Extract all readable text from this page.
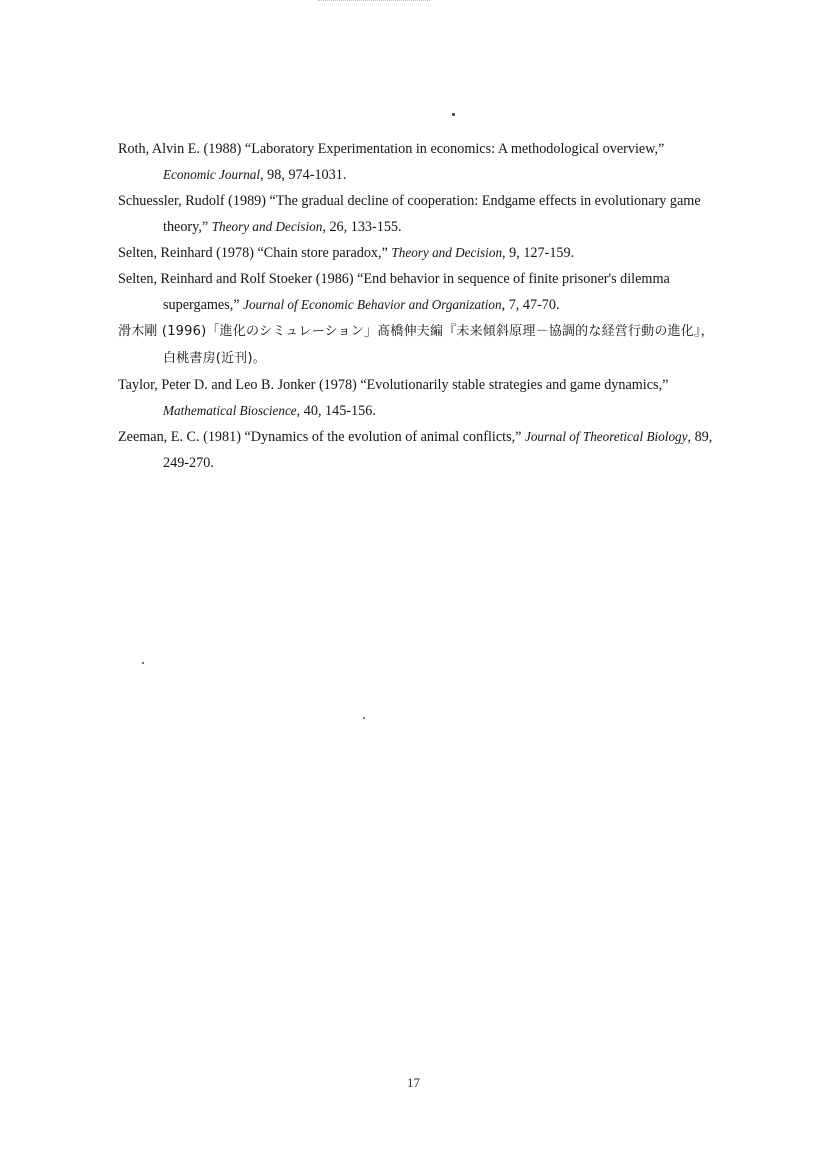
Roth, Alvin E. (1988) “Laboratory Experimentation in economics: A methodological overview,” Economic Journal, 98, 974-1031.

Schuessler, Rudolf (1989) “The gradual decline of cooperation: Endgame effects in evolutionary game theory,” Theory and Decision, 26, 133-155.

Selten, Reinhard (1978) “Chain store paradox,” Theory and Decision, 9, 127-159.

Selten, Reinhard and Rolf Stoeker (1986) “End behavior in sequence of finite prisoner's dilemma supergames,” Journal of Economic Behavior and Organization, 7, 47-70.

滑木剛 (1996)「進化のシミュレーション」髙橋伸夫編『未来傾斜原理－協調的な経営行動の進化』，白桃書房(近刊)。

Taylor, Peter D. and Leo B. Jonker (1978) “Evolutionarily stable strategies and game dynamics,” Mathematical Bioscience, 40, 145-156.

Zeeman, E. C. (1981) “Dynamics of the evolution of animal conflicts,” Journal of Theoretical Biology, 89, 249-270.

17
